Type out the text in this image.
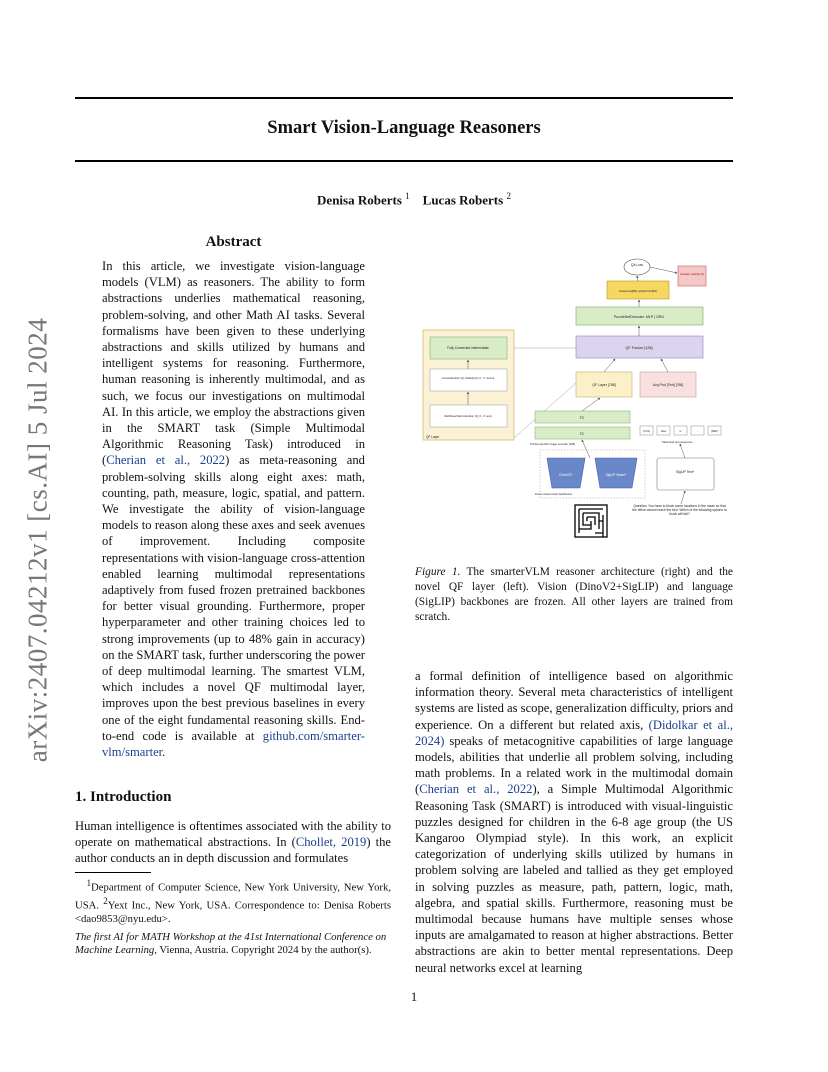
Smart Vision-Language Reasoners
Denisa Roberts $^1$ Lucas Roberts $^2$
arXiv:2407.04212v1 [cs.AI] 5 Jul 2024
Abstract
In this article, we investigate vision-language models (VLM) as reasoners. The ability to form abstractions underlies mathematical reasoning, problem-solving, and other Math AI tasks. Several formalisms have been given to these underlying abstractions and skills utilized by humans and intelligent systems for reasoning. Furthermore, human reasoning is inherently multimodal, and as such, we focus our investigations on multimodal AI. In this article, we employ the abstractions given in the SMART task (Simple Multimodal Algorithmic Reasoning Task) introduced in (Cherian et al., 2022) as meta-reasoning and problem-solving skills along eight axes: math, counting, path, measure, logic, spatial, and pattern. We investigate the ability of vision-language models to reason along these axes and seek avenues of improvement. Including composite representations with vision-language cross-attention enabled learning multimodal representations adaptively from fused frozen pretrained backbones for better visual grounding. Furthermore, proper hyperparameter and other training choices led to strong improvements (up to 48% gain in accuracy) on the SMART task, further underscoring the power of deep multimodal learning. The smartest VLM, which includes a novel QF multimodal layer, improves upon the best previous baselines in every one of the eight fundamental reasoning skills. End-to-end code is available at github.com/smarter-vlm/smarter.
1. Introduction
Human intelligence is oftentimes associated with the ability to operate on mathematical abstractions. In (Chollet, 2019) the author conducts an in depth discussion and formulates
$^1$Department of Computer Science, New York University, New York, USA. $^2$Yext Inc., New York, USA. Correspondence to: Denisa Roberts <dao9853@nyu.edu>.
The first AI for MATH Workshop at the 41st International Conference on Machine Learning, Vienna, Austria. Copyright 2024 by the author(s).
1
QA Loss
Answer (option-5)
Answer(a[B]x+[C]xFC/GRU)
PuzzleNetDecoder: MLP | GRU
QF Fusion [128]
QF Layer [768]	Avg Pool [Text] [768]
Fully Connected Intermediate
CrossAttention (Q: MHA(text); K, V: vision)
Multihead Self-Attention (Q, K, V: text)
QF Layer
FC
FC
Puzzle-specific image encoder [128]
[CLS]	How	is	...	[SEP]
Tokenized text sequence
DinoV2*	SigLIP Vision*
Frozen fused vision backbones
SigLIP Text*
Question: You have to block some locations in the maze so that the feline cannot reach the bird. Which of the following options to block will fail?
Figure 1. The smarterVLM reasoner architecture (right) and the novel QF layer (left). Vision (DinoV2+SigLIP) and language (SigLIP) backbones are frozen. All other layers are trained from scratch.
a formal definition of intelligence based on algorithmic information theory. Several meta characteristics of intelligent systems are listed as scope, generalization difficulty, priors and experience. On a different but related axis, (Didolkar et al., 2024) speaks of metacognitive capabilities of large language models, abilities that underlie all problem solving, including math problems. In a related work in the multimodal domain (Cherian et al., 2022), a Simple Multimodal Algorithmic Reasoning Task (SMART) is introduced with visual-linguistic puzzles designed for children in the 6-8 age group (the US Kangaroo Olympiad style). In this work, an explicit categorization of underlying skills utilized by humans in problem solving are labeled and tallied as they get employed in solving puzzles as measure, path, pattern, logic, math, algebra, and spatial skills. Furthermore, reasoning must be multimodal because humans have multiple senses whose inputs are amalgamated to reason at higher abstractions. Better abstractions are akin to better mental representations. Deep neural networks excel at learning
